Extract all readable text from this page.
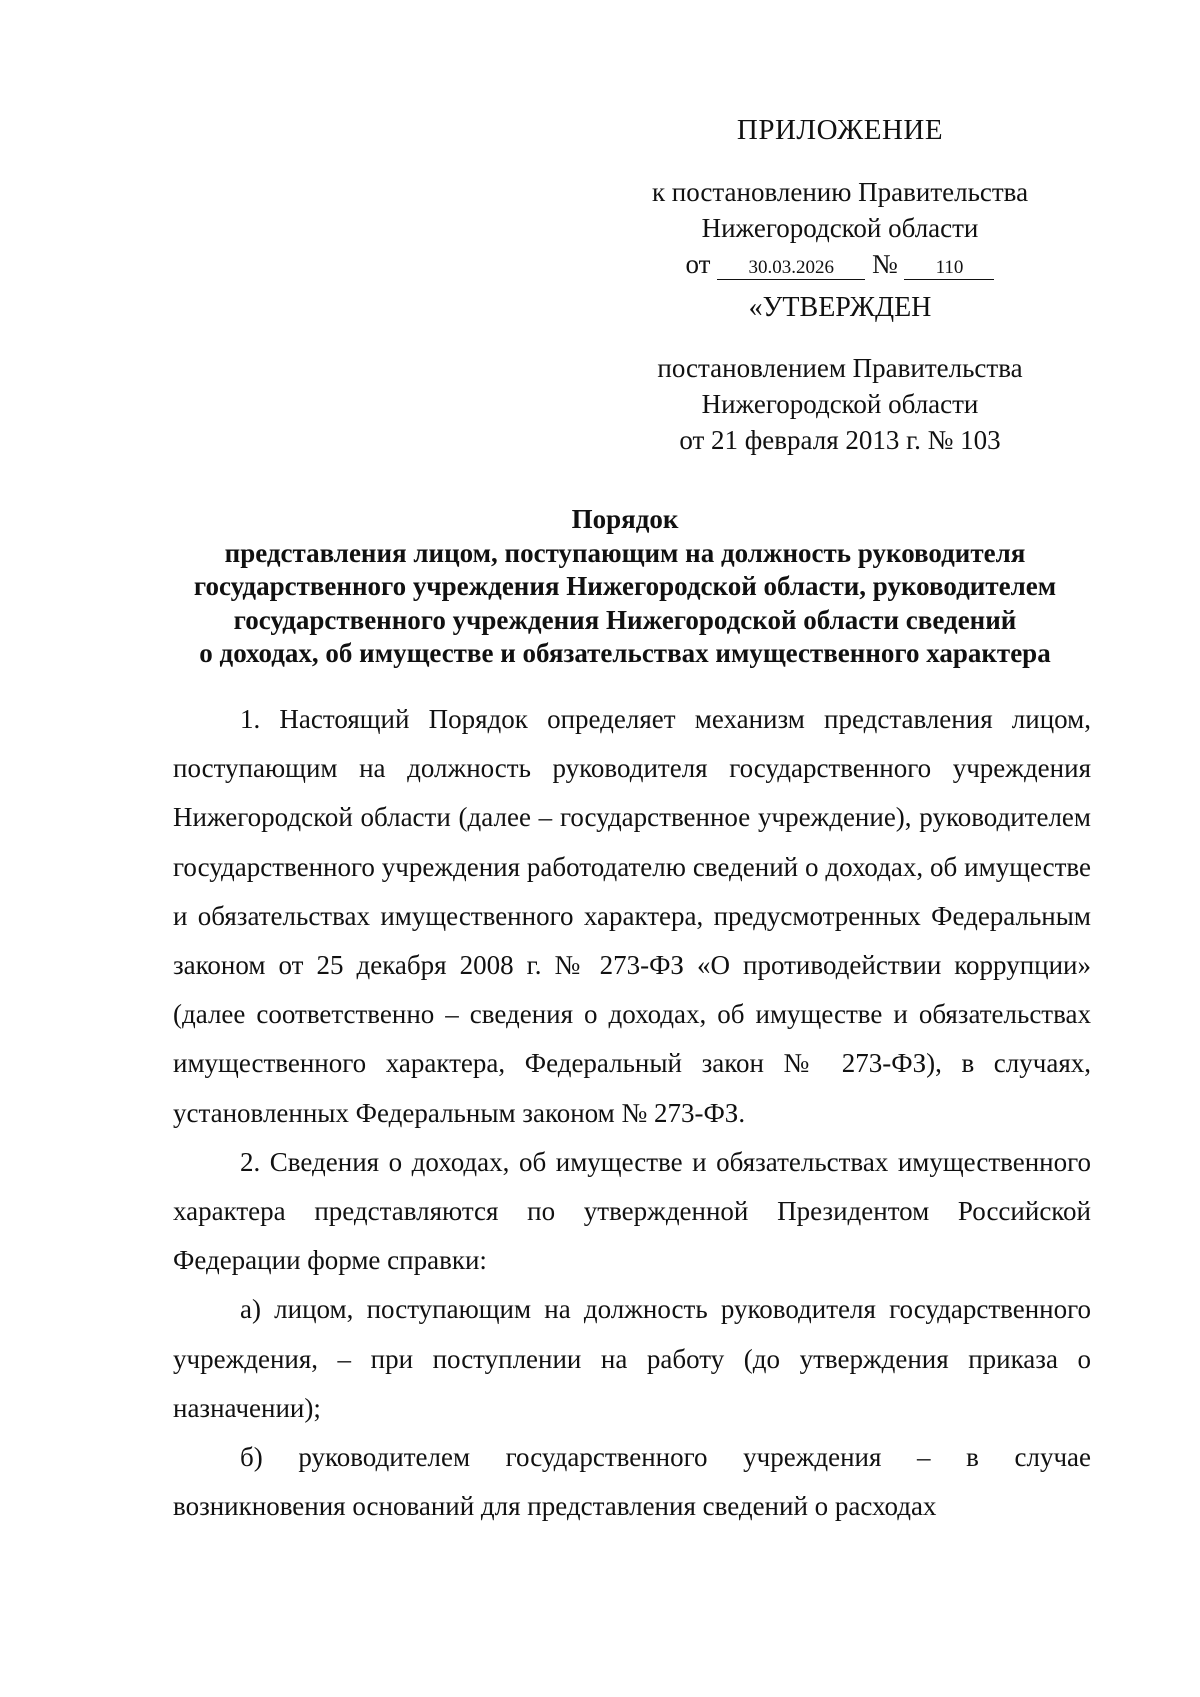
ПРИЛОЖЕНИЕ
к постановлению Правительства
Нижегородской области
от 30.03.2026 № 110
«УТВЕРЖДЕН
постановлением Правительства
Нижегородской области
от 21 февраля 2013 г. № 103
Порядок
представления лицом, поступающим на должность руководителя
государственного учреждения Нижегородской области, руководителем
государственного учреждения Нижегородской области сведений
о доходах, об имуществе и обязательствах имущественного характера

1. Настоящий Порядок определяет механизм представления лицом, поступающим на должность руководителя государственного учреждения Нижегородской области (далее – государственное учреждение), руководителем государственного учреждения работодателю сведений о доходах, об имуществе и обязательствах имущественного характера, предусмотренных Федеральным законом от 25 декабря 2008 г. № 273-ФЗ «О противодействии коррупции» (далее соответственно – сведения о доходах, об имуществе и обязательствах имущественного характера, Федеральный закон № 273-ФЗ), в случаях, установленных Федеральным законом № 273-ФЗ.

2. Сведения о доходах, об имуществе и обязательствах имущественного характера представляются по утвержденной Президентом Российской Федерации форме справки:

а) лицом, поступающим на должность руководителя государственного учреждения, – при поступлении на работу (до утверждения приказа о назначении);

б) руководителем государственного учреждения – в случае возникновения оснований для представления сведений о расходах
